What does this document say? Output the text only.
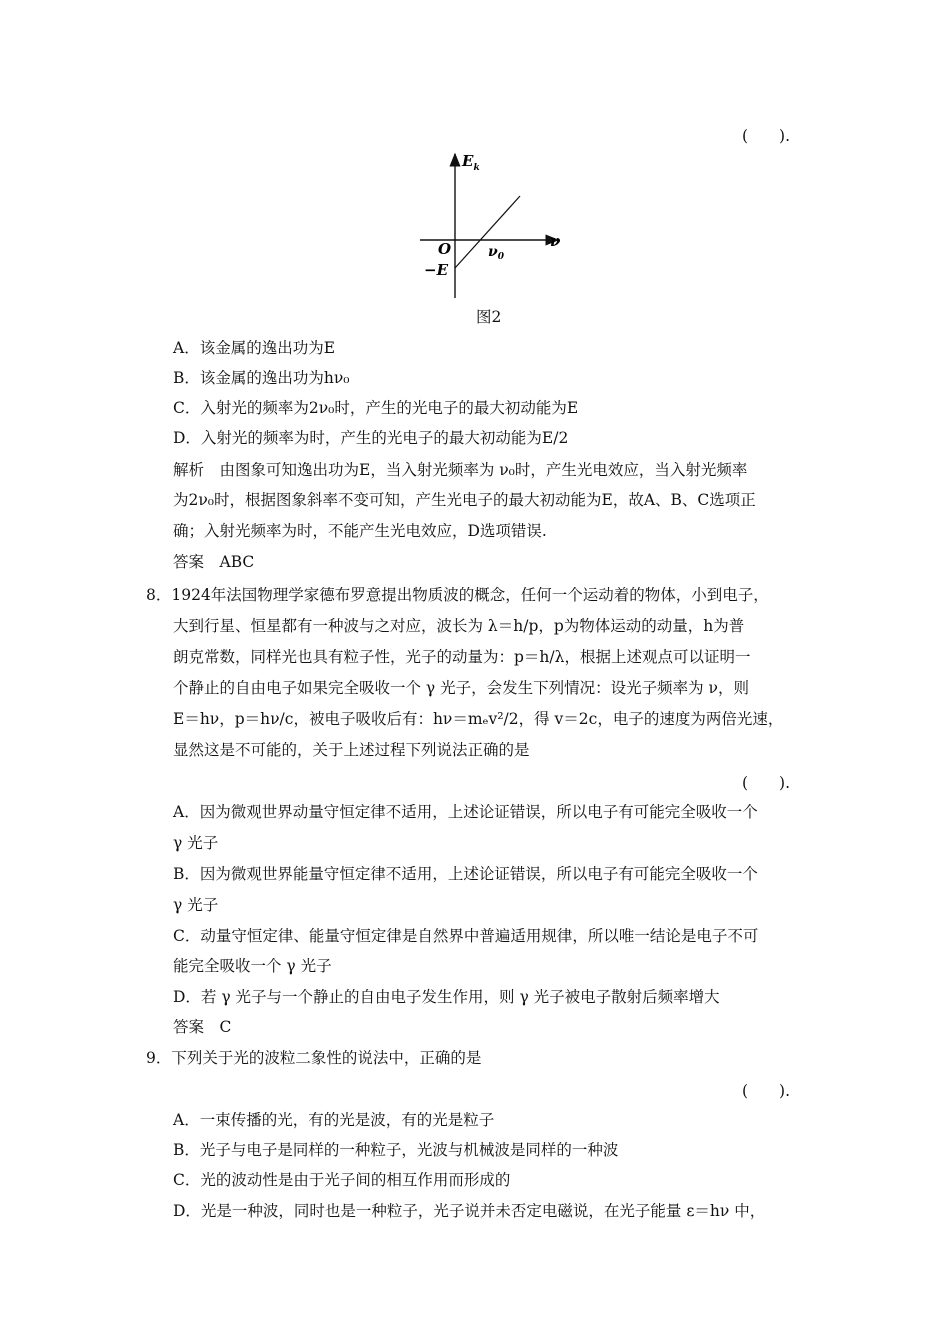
(　　).
$E_k$
ν
O
−E
$\nu_0$
图2
A．该金属的逸出功为E
B．该金属的逸出功为hν₀
C．入射光的频率为2ν₀时，产生的光电子的最大初动能为E
D．入射光的频率为时，产生的光电子的最大初动能为E/2
解析　由图象可知逸出功为E，当入射光频率为 ν₀时，产生光电效应，当入射光频率
为2ν₀时，根据图象斜率不变可知，产生光电子的最大初动能为E，故A、B、C选项正
确；入射光频率为时，不能产生光电效应，D选项错误.
答案　ABC
8．1924年法国物理学家德布罗意提出物质波的概念，任何一个运动着的物体，小到电子，
大到行星、恒星都有一种波与之对应，波长为 λ＝h/p，p为物体运动的动量，h为普
朗克常数，同样光也具有粒子性，光子的动量为：p＝h/λ，根据上述观点可以证明一
个静止的自由电子如果完全吸收一个 γ 光子，会发生下列情况：设光子频率为 ν，则
E＝hν，p＝hν/c，被电子吸收后有：hν＝mₑv²/2，得 v＝2c，电子的速度为两倍光速，
显然这是不可能的，关于上述过程下列说法正确的是
(　　).
A．因为微观世界动量守恒定律不适用，上述论证错误，所以电子有可能完全吸收一个
γ 光子
B．因为微观世界能量守恒定律不适用，上述论证错误，所以电子有可能完全吸收一个
γ 光子
C．动量守恒定律、能量守恒定律是自然界中普遍适用规律，所以唯一结论是电子不可
能完全吸收一个 γ 光子
D．若 γ 光子与一个静止的自由电子发生作用，则 γ 光子被电子散射后频率增大
答案　C
9．下列关于光的波粒二象性的说法中，正确的是
(　　).
A．一束传播的光，有的光是波，有的光是粒子
B．光子与电子是同样的一种粒子，光波与机械波是同样的一种波
C．光的波动性是由于光子间的相互作用而形成的
D．光是一种波，同时也是一种粒子，光子说并未否定电磁说，在光子能量 ε＝hν 中，
